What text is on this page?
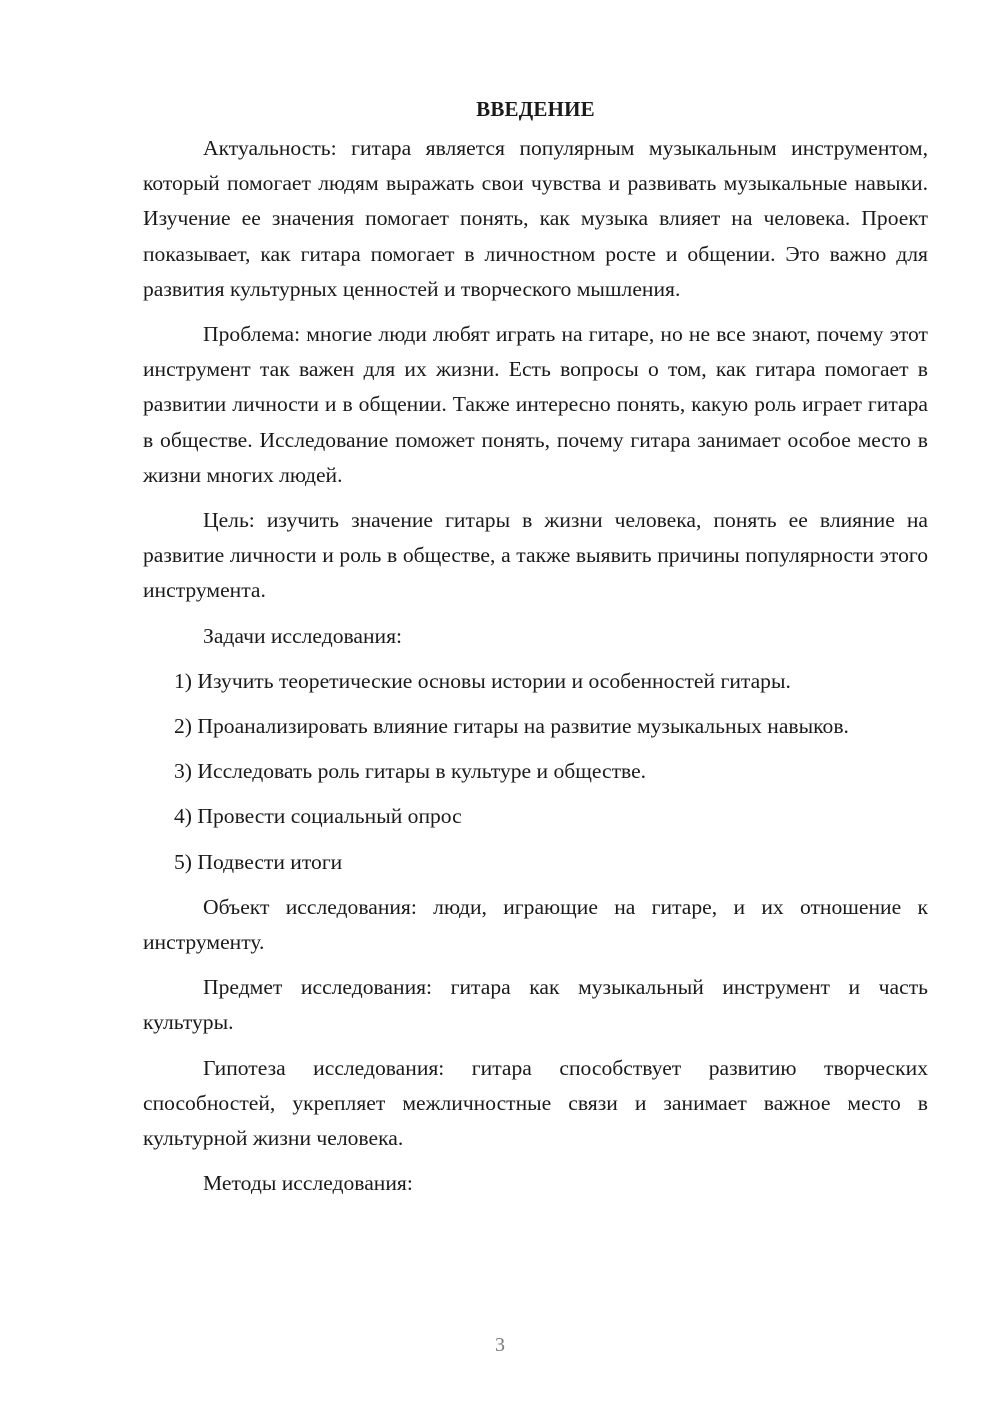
ВВЕДЕНИЕ

Актуальность: гитара является популярным музыкальным инструментом, который помогает людям выражать свои чувства и развивать музыкальные навыки. Изучение ее значения помогает понять, как музыка влияет на человека. Проект показывает, как гитара помогает в личностном росте и общении. Это важно для развития культурных ценностей и творческого мышления.

Проблема: многие люди любят играть на гитаре, но не все знают, почему этот инструмент так важен для их жизни. Есть вопросы о том, как гитара помогает в развитии личности и в общении. Также интересно понять, какую роль играет гитара в обществе. Исследование поможет понять, почему гитара занимает особое место в жизни многих людей.

Цель: изучить значение гитары в жизни человека, понять ее влияние на развитие личности и роль в обществе, а также выявить причины популярности этого инструмента.

Задачи исследования:

1) Изучить теоретические основы истории и особенностей гитары.

2) Проанализировать влияние гитары на развитие музыкальных навыков.

3) Исследовать роль гитары в культуре и обществе.

4) Провести социальный опрос

5) Подвести итоги

Объект исследования: люди, играющие на гитаре, и их отношение к инструменту.

Предмет исследования: гитара как музыкальный инструмент и часть культуры.

Гипотеза исследования: гитара способствует развитию творческих способностей, укрепляет межличностные связи и занимает важное место в культурной жизни человека.

Методы исследования:

3
